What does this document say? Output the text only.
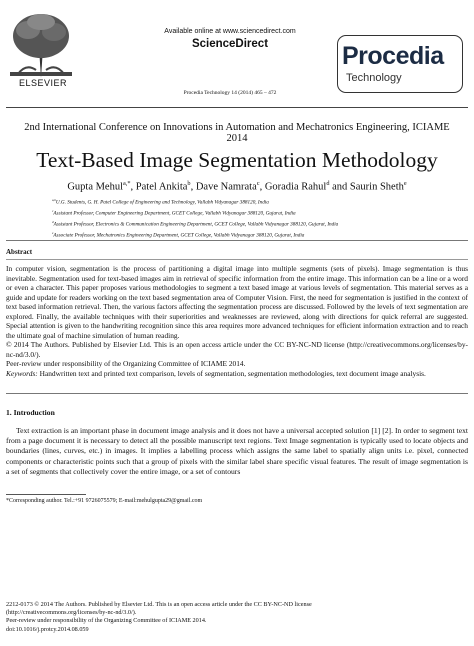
ELSEVIER
Available online at www.sciencedirect.com
ScienceDirect
Procedia Technology 14 (2014) 465 – 472
Procedia
Technology
2nd International Conference on Innovations in Automation and Mechatronics Engineering, ICIAME 2014
Text-Based Image Segmentation Methodology
Gupta Mehul$^{a,*}$, Patel Ankita$^b$, Dave Namrata$^c$, Goradia Rahul$^d$ and Saurin Sheth$^e$
$^{a,b}$U.G. Students, G. H. Patel College of Engineering and Technology, Vallabh Vidyanagar 388120, India
$^c$Assistant Professor, Computer Engineering Department, GCET College, Vallabh Vidyanagar 388120, Gujarat, India
$^d$Assistant Professor, Electronics & Communication Engineering Department, GCET College, Vallabh Vidyanagar 388120, Gujarat, India
$^e$Associate Professor, Mechatronics Engineering Department, GCET College, Vallabh Vidyanagar 388120, Gujarat, India
Abstract

In computer vision, segmentation is the process of partitioning a digital image into multiple segments (sets of pixels). Image segmentation is thus inevitable. Segmentation used for text-based images aim in retrieval of specific information from the entire image. This information can be a line or a word or even a character. This paper proposes various methodologies to segment a text based image at various levels of segmentation. This material serves as a guide and update for readers working on the text based segmentation area of Computer Vision. First, the need for segmentation is justified in the context of text based information retrieval. Then, the various factors affecting the segmentation process are discussed. Followed by the levels of text segmentation are explored. Finally, the available techniques with their superiorities and weaknesses are reviewed, along with directions for quick referral are suggested. Special attention is given to the handwriting recognition since this area requires more advanced techniques for efficient information extraction and to reach the ultimate goal of machine simulation of human reading.

© 2014 The Authors. Published by Elsevier Ltd. This is an open access article under the CC BY-NC-ND license (http://creativecommons.org/licenses/by-nc-nd/3.0/).

Peer-review under responsibility of the Organizing Committee of ICIAME 2014.

Keywords: Handwritten text and printed text comparison, levels of segmentation, segmentation methodologies, text document image analysis.

1. Introduction

Text extraction is an important phase in document image analysis and it does not have a universal accepted solution [1] [2]. In order to segment text from a page document it is necessary to detect all the possible manuscript text regions. Text Image segmentation is typically used to locate objects and boundaries (lines, curves, etc.) in images. It implies a labelling process which assigns the same label to spatially align units i.e. pixel, connected components or characteristic points such that a group of pixels with the similar label share specific visual features. The result of image segmentation is a set of segments that collectively cover the entire image, or a set of contours

*Corresponding author. Tel.:+91 9726075579; E-mail:mehulgupta29@gmail.com
2212-0173 © 2014 The Authors. Published by Elsevier Ltd. This is an open access article under the CC BY-NC-ND license
(http://creativecommons.org/licenses/by-nc-nd/3.0/).
Peer-review under responsibility of the Organizing Committee of ICIAME 2014.
doi:10.1016/j.protcy.2014.08.059
